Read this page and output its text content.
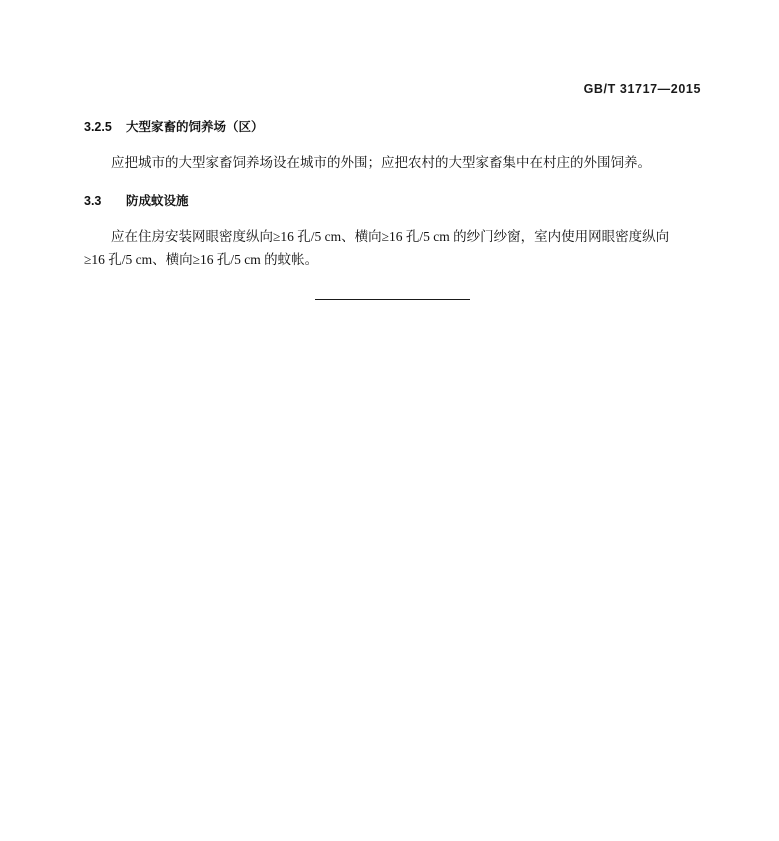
GB/T 31717—2015
3.2.5 大型家畜的饲养场（区）

应把城市的大型家畜饲养场设在城市的外围；应把农村的大型家畜集中在村庄的外围饲养。

3.3 防成蚊设施

应在住房安装网眼密度纵向≥16 孔/5 cm、横向≥16 孔/5 cm 的纱门纱窗，室内使用网眼密度纵向

≥16 孔/5 cm、横向≥16 孔/5 cm 的蚊帐。
